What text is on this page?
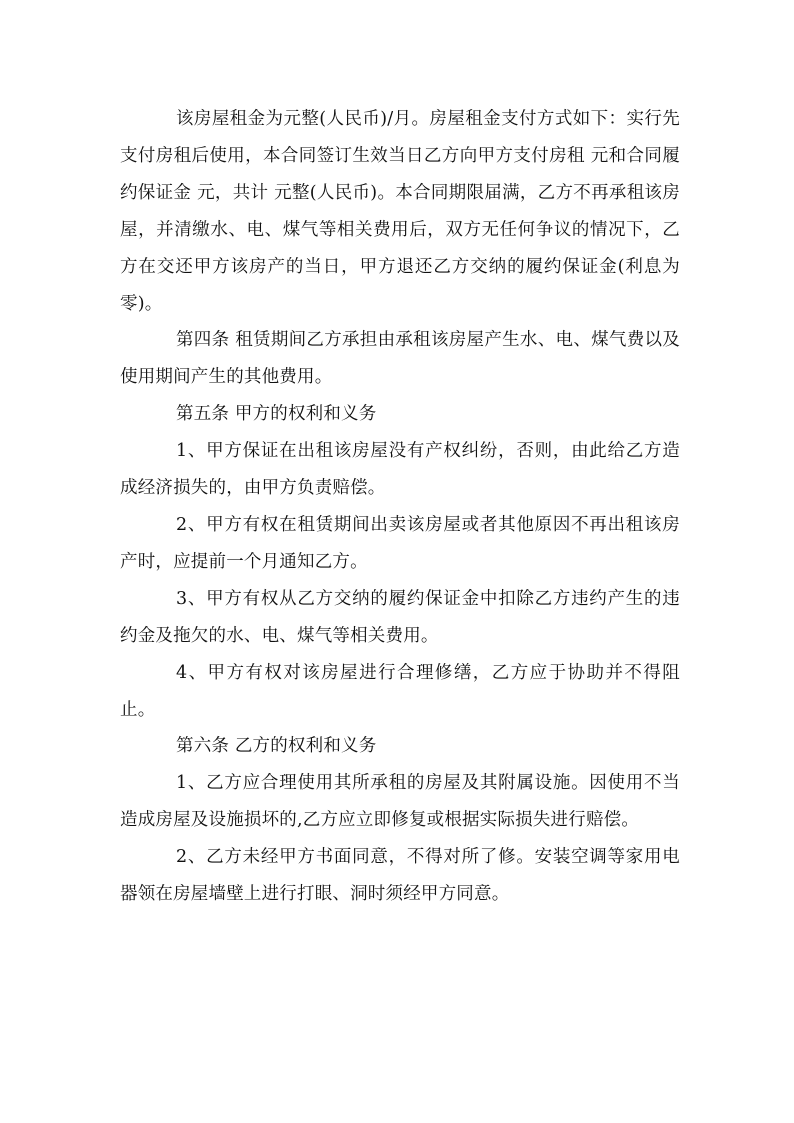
该房屋租金为元整(人民币)/月。房屋租金支付方式如下：实行先支付房租后使用，本合同签订生效当日乙方向甲方支付房租 元和合同履约保证金 元，共计 元整(人民币)。本合同期限届满，乙方不再承租该房屋，并清缴水、电、煤气等相关费用后，双方无任何争议的情况下，乙方在交还甲方该房产的当日，甲方退还乙方交纳的履约保证金(利息为零)。

第四条 租赁期间乙方承担由承租该房屋产生水、电、煤气费以及使用期间产生的其他费用。

第五条 甲方的权利和义务

1、甲方保证在出租该房屋没有产权纠纷，否则，由此给乙方造成经济损失的，由甲方负责赔偿。

2、甲方有权在租赁期间出卖该房屋或者其他原因不再出租该房产时，应提前一个月通知乙方。

3、甲方有权从乙方交纳的履约保证金中扣除乙方违约产生的违约金及拖欠的水、电、煤气等相关费用。

4、甲方有权对该房屋进行合理修缮，乙方应于协助并不得阻止。

第六条 乙方的权利和义务

1、乙方应合理使用其所承租的房屋及其附属设施。因使用不当造成房屋及设施损坏的,乙方应立即修复或根据实际损失进行赔偿。

2、乙方未经甲方书面同意，不得对所了修。安装空调等家用电器领在房屋墙壁上进行打眼、洞时须经甲方同意。
